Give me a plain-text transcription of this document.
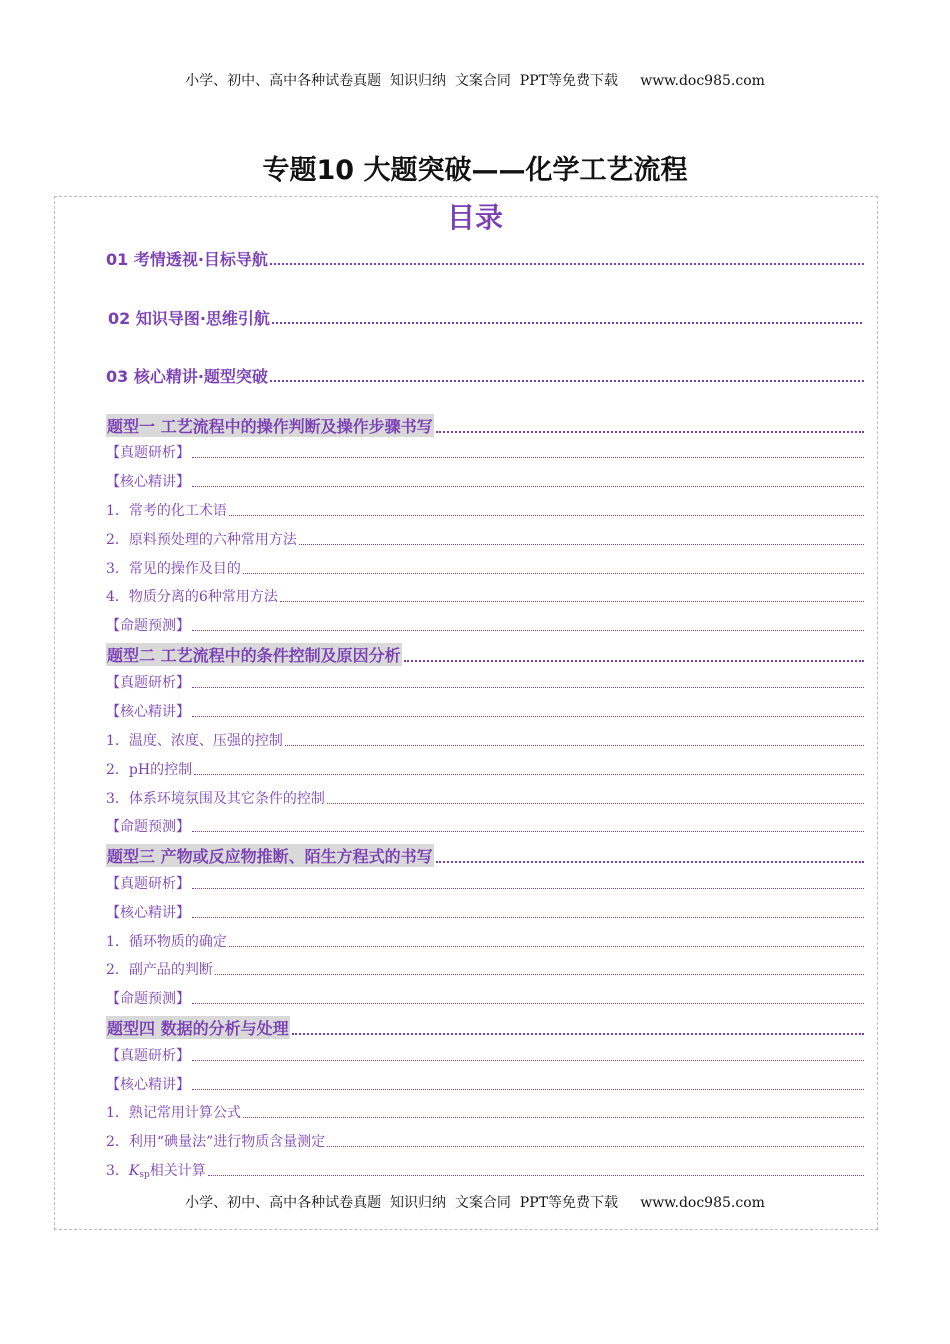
小学、初中、高中各种试卷真题  知识归纳  文案合同  PPT等免费下载     www.doc985.com
专题10 大题突破——化学工艺流程
目录
01 考情透视·目标导航
02 知识导图·思维引航
03 核心精讲·题型突破
题型一 工艺流程中的操作判断及操作步骤书写
【真题研析】
【核心精讲】
1．常考的化工术语
2．原料预处理的六种常用方法
3．常见的操作及目的
4．物质分离的6种常用方法
【命题预测】
题型二 工艺流程中的条件控制及原因分析
【真题研析】
【核心精讲】
1．温度、浓度、压强的控制
2．pH的控制
3．体系环境氛围及其它条件的控制
【命题预测】
题型三 产物或反应物推断、陌生方程式的书写
【真题研析】
【核心精讲】
1．循环物质的确定
2．副产品的判断
【命题预测】
题型四 数据的分析与处理
【真题研析】
【核心精讲】
1．熟记常用计算公式
2．利用“碘量法”进行物质含量测定
3．Ksp相关计算
小学、初中、高中各种试卷真题  知识归纳  文案合同  PPT等免费下载     www.doc985.com
